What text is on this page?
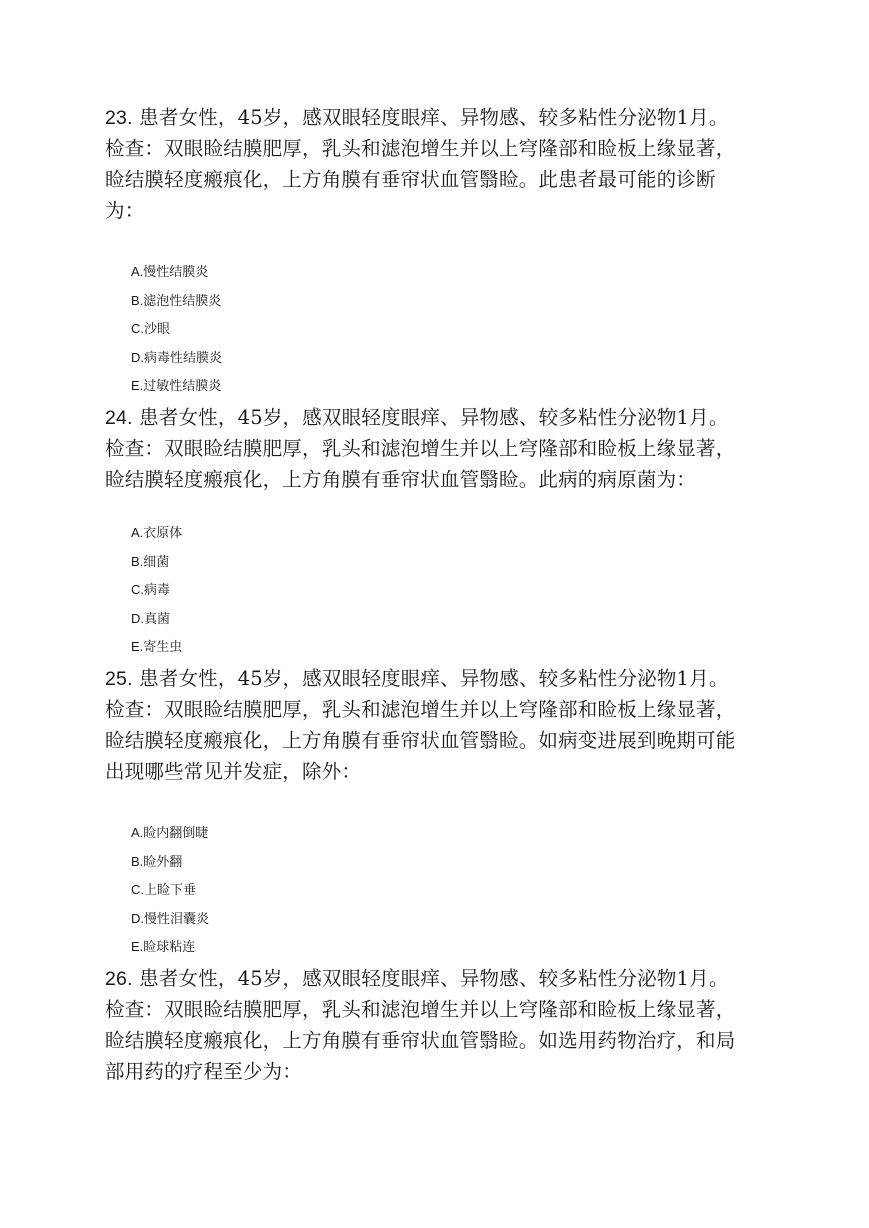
23. 患者女性，45岁，感双眼轻度眼痒、异物感、较多粘性分泌物1月。
检查：双眼睑结膜肥厚，乳头和滤泡增生并以上穹隆部和睑板上缘显著，
睑结膜轻度瘢痕化，上方角膜有垂帘状血管翳睑。此患者最可能的诊断
为：
A.慢性结膜炎
B.滤泡性结膜炎
C.沙眼
D.病毒性结膜炎
E.过敏性结膜炎
24. 患者女性，45岁，感双眼轻度眼痒、异物感、较多粘性分泌物1月。
检查：双眼睑结膜肥厚，乳头和滤泡增生并以上穹隆部和睑板上缘显著，
睑结膜轻度瘢痕化，上方角膜有垂帘状血管翳睑。此病的病原菌为：
A.衣原体
B.细菌
C.病毒
D.真菌
E.寄生虫
25. 患者女性，45岁，感双眼轻度眼痒、异物感、较多粘性分泌物1月。
检查：双眼睑结膜肥厚，乳头和滤泡增生并以上穹隆部和睑板上缘显著，
睑结膜轻度瘢痕化，上方角膜有垂帘状血管翳睑。如病变进展到晚期可能
出现哪些常见并发症，除外：
A.睑内翻倒睫
B.睑外翻
C.上睑下垂
D.慢性泪囊炎
E.睑球粘连
26. 患者女性，45岁，感双眼轻度眼痒、异物感、较多粘性分泌物1月。
检查：双眼睑结膜肥厚，乳头和滤泡增生并以上穹隆部和睑板上缘显著，
睑结膜轻度瘢痕化，上方角膜有垂帘状血管翳睑。如选用药物治疗，和局
部用药的疗程至少为：
